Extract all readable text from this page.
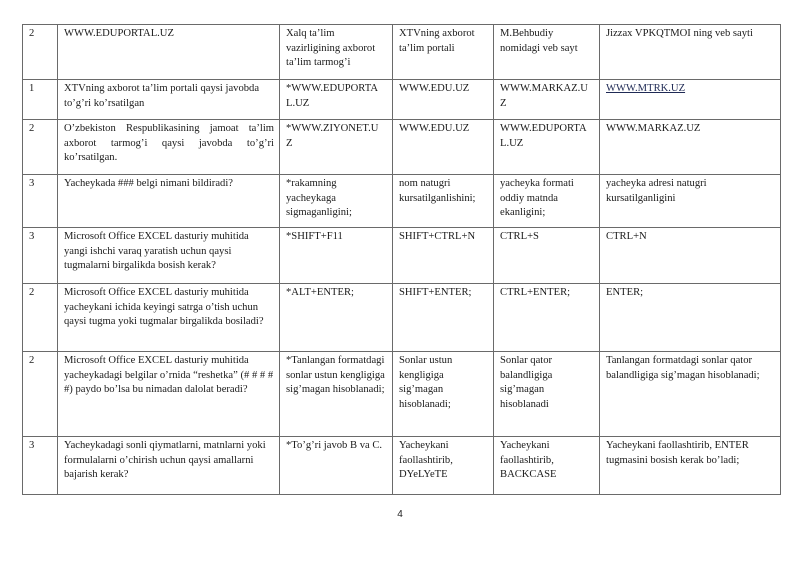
2	WWW.EDUPORTAL.UZ	Xalq ta’lim vazirligining axborot ta’lim tarmog’i	XTVning axborot ta’lim portali	M.Behbudiy nomidagi veb sayt	Jizzax VPKQTMOI ning veb sayti
1	XTVning axborot ta’lim portali qaysi javobda to’g’ri ko’rsatilgan	*WWW.EDUPORTA L.UZ	WWW.EDU.UZ	WWW.MARKAZ.U Z	WWW.MTRK.UZ
2	O’zbekiston Respublikasining jamoat ta’lim axborot tarmog’i qaysi javobda to’g’ri ko’rsatilgan.	*WWW.ZIYONET.U Z	WWW.EDU.UZ	WWW.EDUPORTA L.UZ	WWW.MARKAZ.UZ
3	Yacheykada ### belgi nimani bildiradi?	*rakamning yacheykaga sigmaganligini;	nom natugri kursatilganlishini;	yacheyka formati oddiy matnda ekanligini;	yacheyka adresi natugri kursatilganligini
3	Microsoft Office EXCEL dasturiy muhitida yangi ishchi varaq yaratish uchun qaysi tugmalarni birgalikda bosish kerak?	*SHIFT+F11	SHIFT+CTRL+N	CTRL+S	CTRL+N
2	Microsoft Office EXCEL dasturiy muhitida yacheykani ichida keyingi satrga o’tish uchun qaysi tugma yoki tugmalar birgalikda bosiladi?	*ALT+ENTER;	SHIFT+ENTER;	CTRL+ENTER;	ENTER;
2	Microsoft Office EXCEL dasturiy muhitida yacheykadagi belgilar o’rnida “reshetka” (# # # # #) paydo bo’lsa bu nimadan dalolat beradi?	*Tanlangan formatdagi sonlar ustun kengligiga sig’magan hisoblanadi;	Sonlar ustun kengligiga sig’magan hisoblanadi;	Sonlar qator balandligiga sig’magan hisoblanadi	Tanlangan formatdagi sonlar qator balandligiga sig’magan hisoblanadi;
3	Yacheykadagi sonli qiymatlarni, matnlarni yoki formulalarni o’chirish uchun qaysi amallarni bajarish kerak?	*To’g’ri javob B va C.	Yacheykani faollashtirib, DYeLYeTE	Yacheykani faollashtirib, BACKCASE	Yacheykani faollashtirib, ENTER tugmasini bosish kerak bo’ladi;
4
